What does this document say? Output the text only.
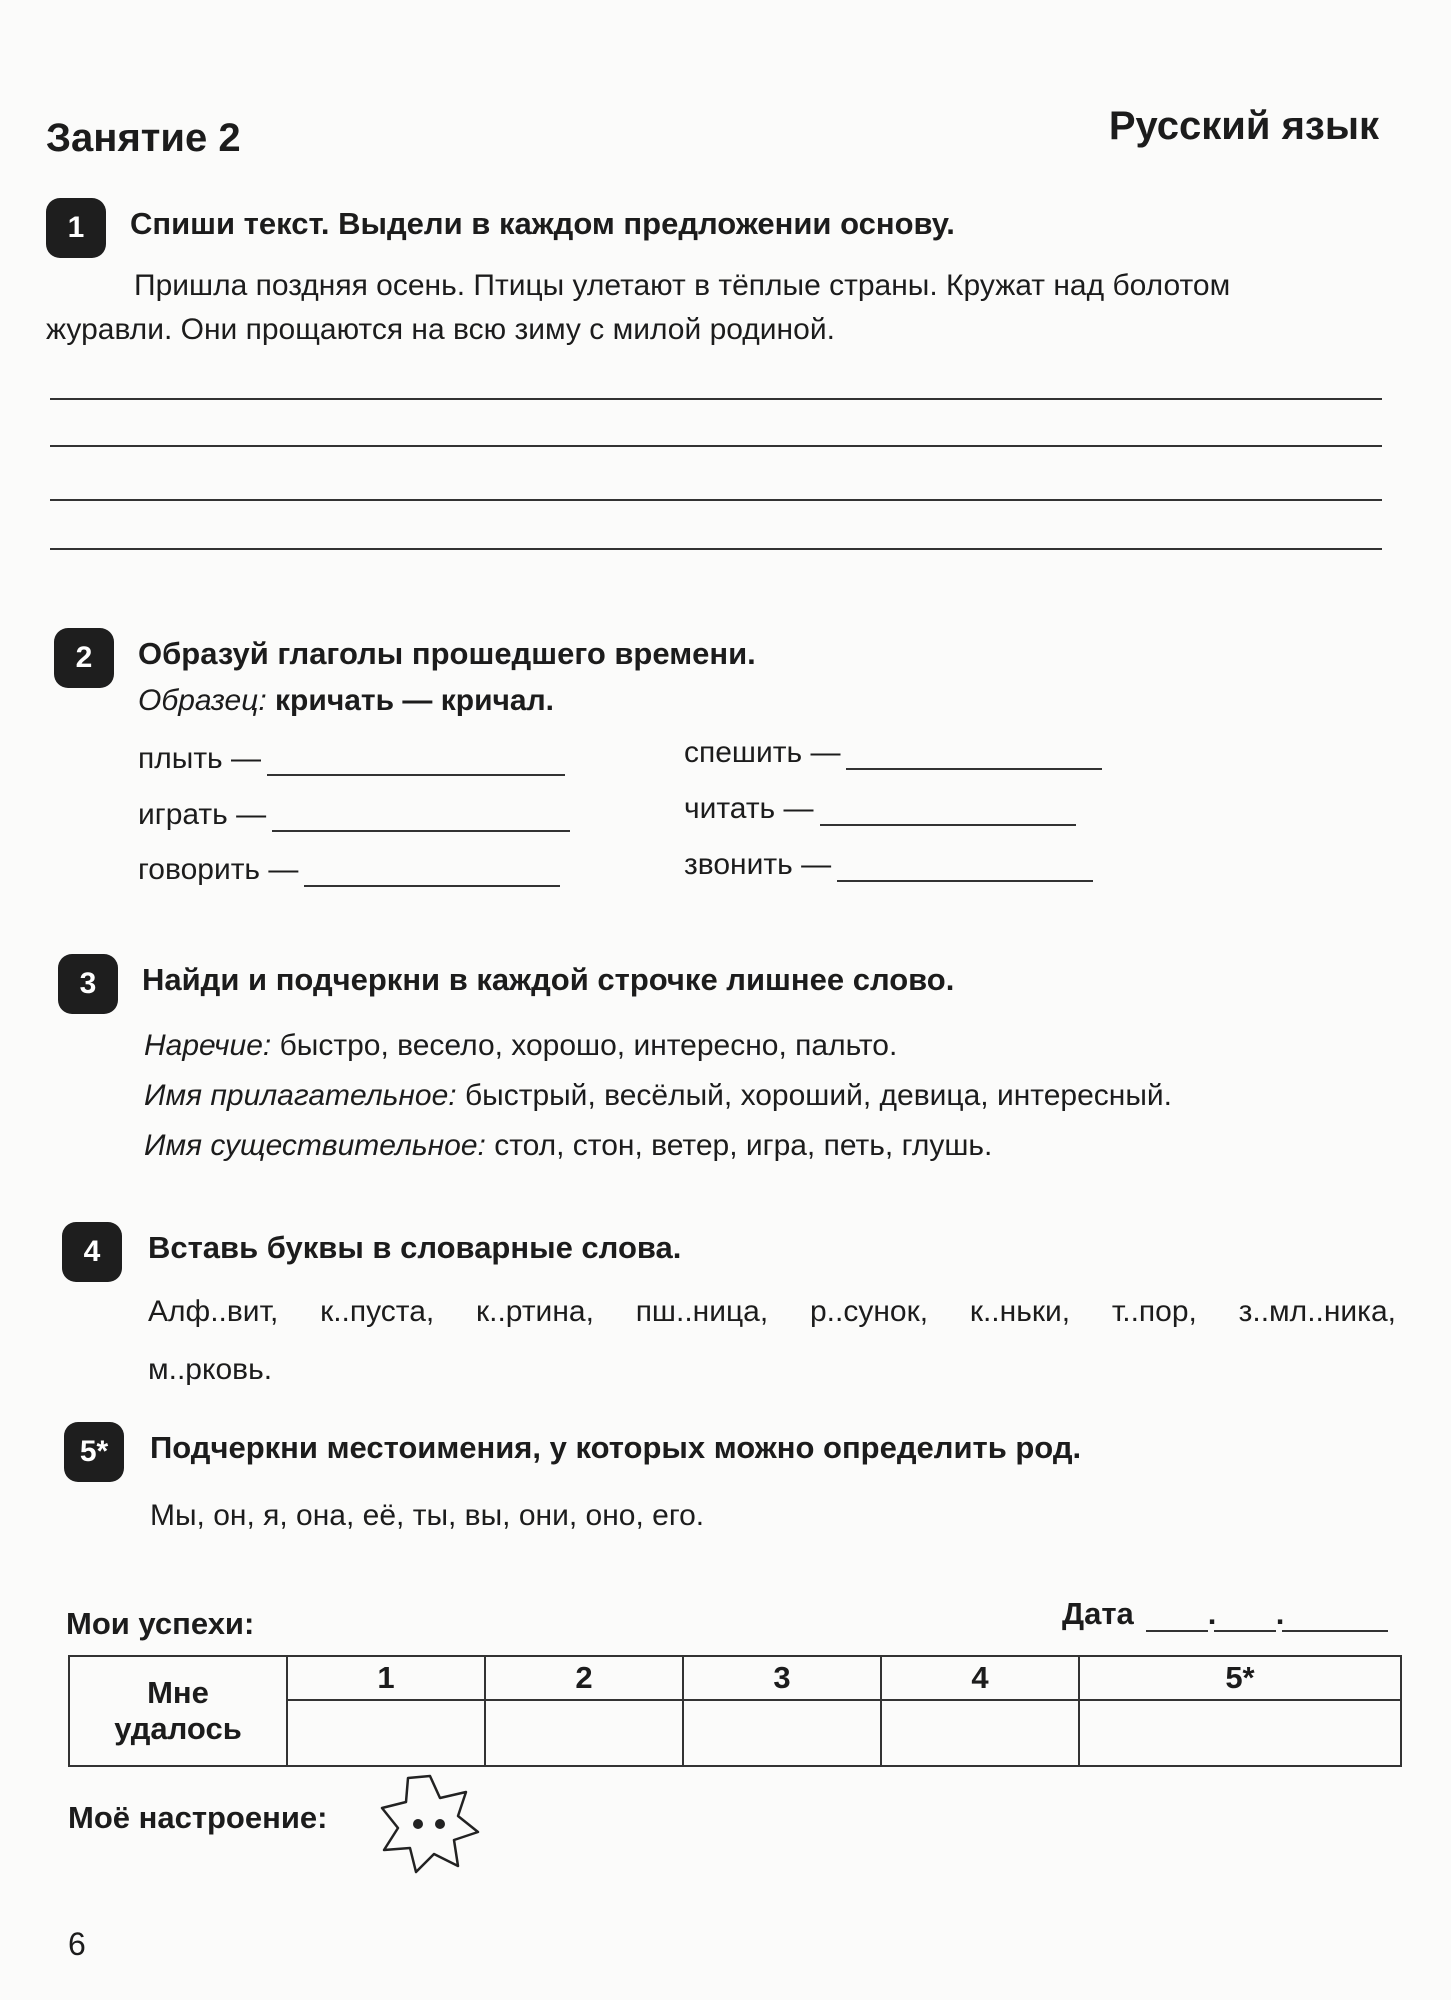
Занятие 2	Русский язык
1	Спиши текст. Выдели в каждом предложении основу.
Пришла поздняя осень. Птицы улетают в тёплые страны. Кружат над болотом
журавли. Они прощаются на всю зиму с милой родиной.
2	Образуй глаголы прошедшего времени.
Образец: кричать — кричал.
плыть —
играть —
говорить —
спешить —
читать —
звонить —
3	Найди и подчеркни в каждой строчке лишнее слово.
Наречие: быстро, весело, хорошо, интересно, пальто.
Имя прилагательное: быстрый, весёлый, хороший, девица, интересный.
Имя существительное: стол, стон, ветер, игра, петь, глушь.
4	Вставь буквы в словарные слова.
Алф..вит, к..пуста, к..ртина, пш..ница, р..сунок, к..ньки, т..пор, з..мл..ника,
м..рковь.
5*	Подчеркни местоимения, у которых можно определить род.
Мы, он, я, она, её, ты, вы, они, оно, его.
Мои успехи:	Дата . .
Мне
удалось	1	2	3	4	5*

Моё настроение:
6
